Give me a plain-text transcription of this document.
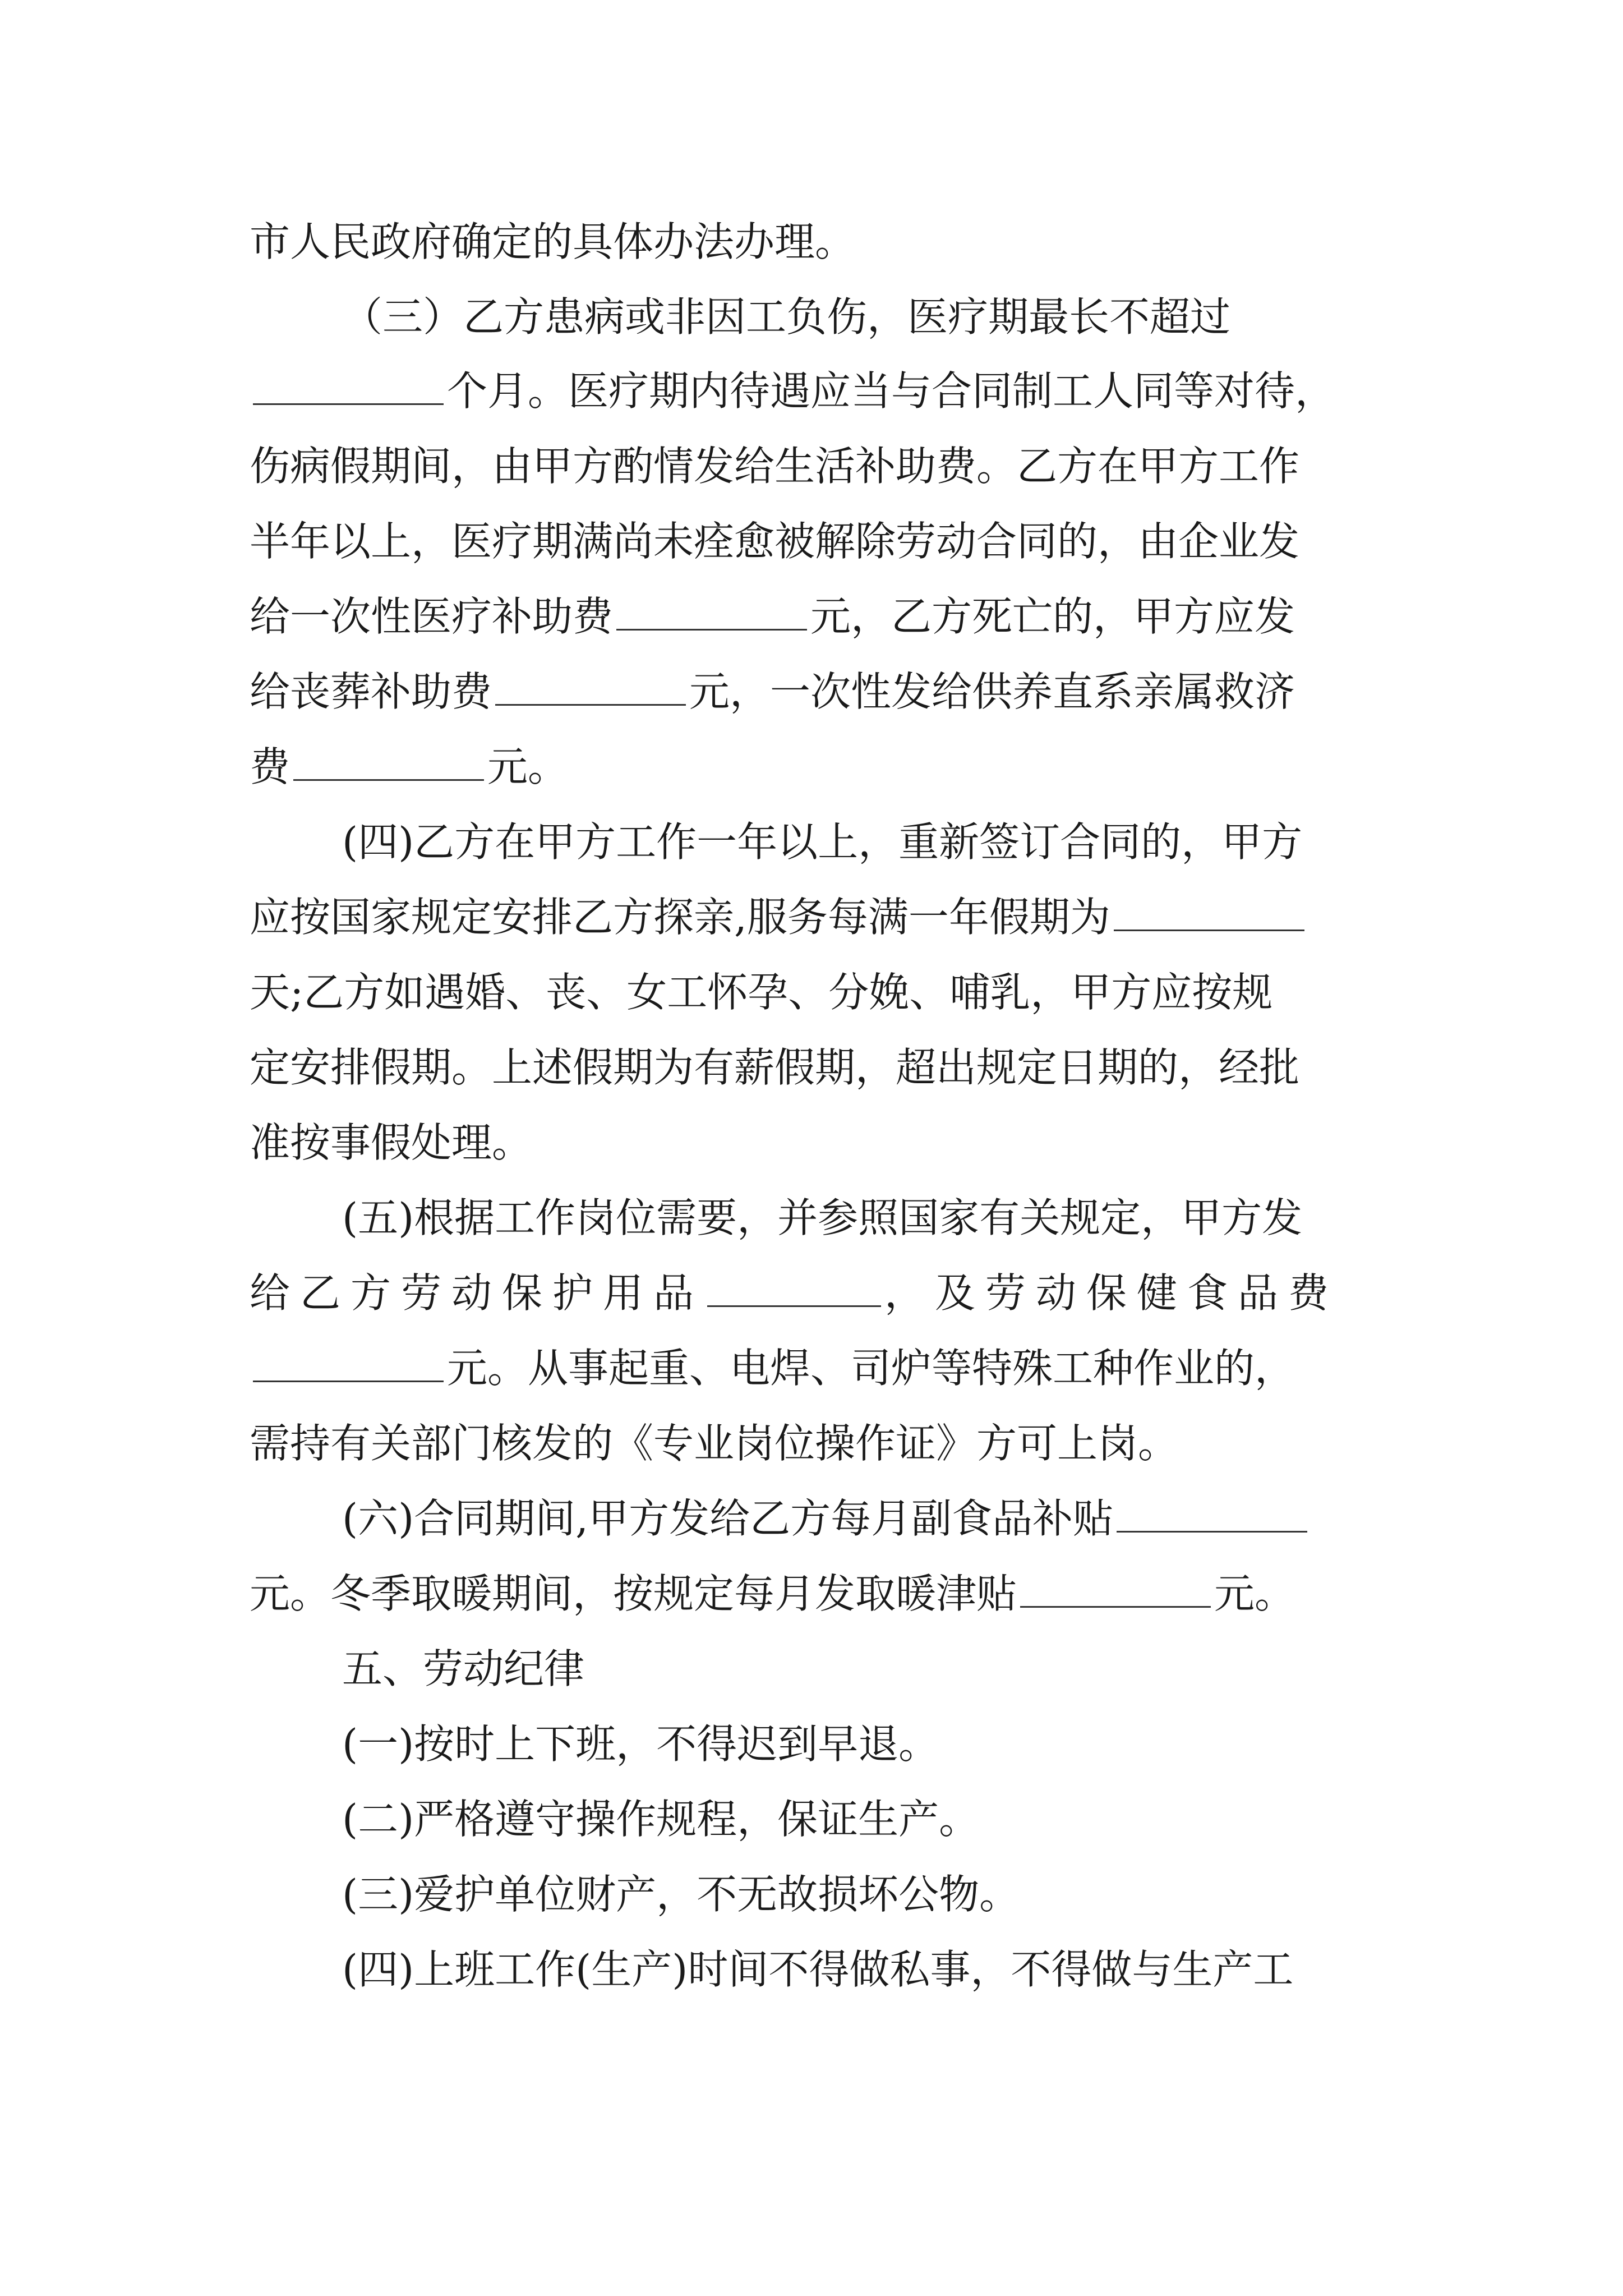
市人民政府确定的具体办法办理。
（三）乙方患病或非因工负伤，医疗期最长不超过
个月。医疗期内待遇应当与合同制工人同等对待，
伤病假期间，由甲方酌情发给生活补助费。乙方在甲方工作
半年以上，医疗期满尚未痊愈被解除劳动合同的，由企业发
给一次性医疗补助费	元，乙方死亡的，甲方应发
给丧葬补助费	元，一次性发给供养直系亲属救济
费	元。
(四)乙方在甲方工作一年以上，重新签订合同的，甲方
应按国家规定安排乙方探亲,服务每满一年假期为
天;乙方如遇婚、丧、女工怀孕、分娩、哺乳，甲方应按规
定安排假期。上述假期为有薪假期，超出规定日期的，经批
准按事假处理。
(五)根据工作岗位需要，并参照国家有关规定，甲方发
给乙方劳动保护用品	，及劳动保健食品费
元。从事起重、电焊、司炉等特殊工种作业的，
需持有关部门核发的《专业岗位操作证》方可上岗。
(六)合同期间,甲方发给乙方每月副食品补贴
元。冬季取暖期间，按规定每月发取暖津贴	元。
五、劳动纪律
(一)按时上下班，不得迟到早退。
(二)严格遵守操作规程，保证生产。
(三)爱护单位财产，不无故损坏公物。
(四)上班工作(生产)时间不得做私事，不得做与生产工
